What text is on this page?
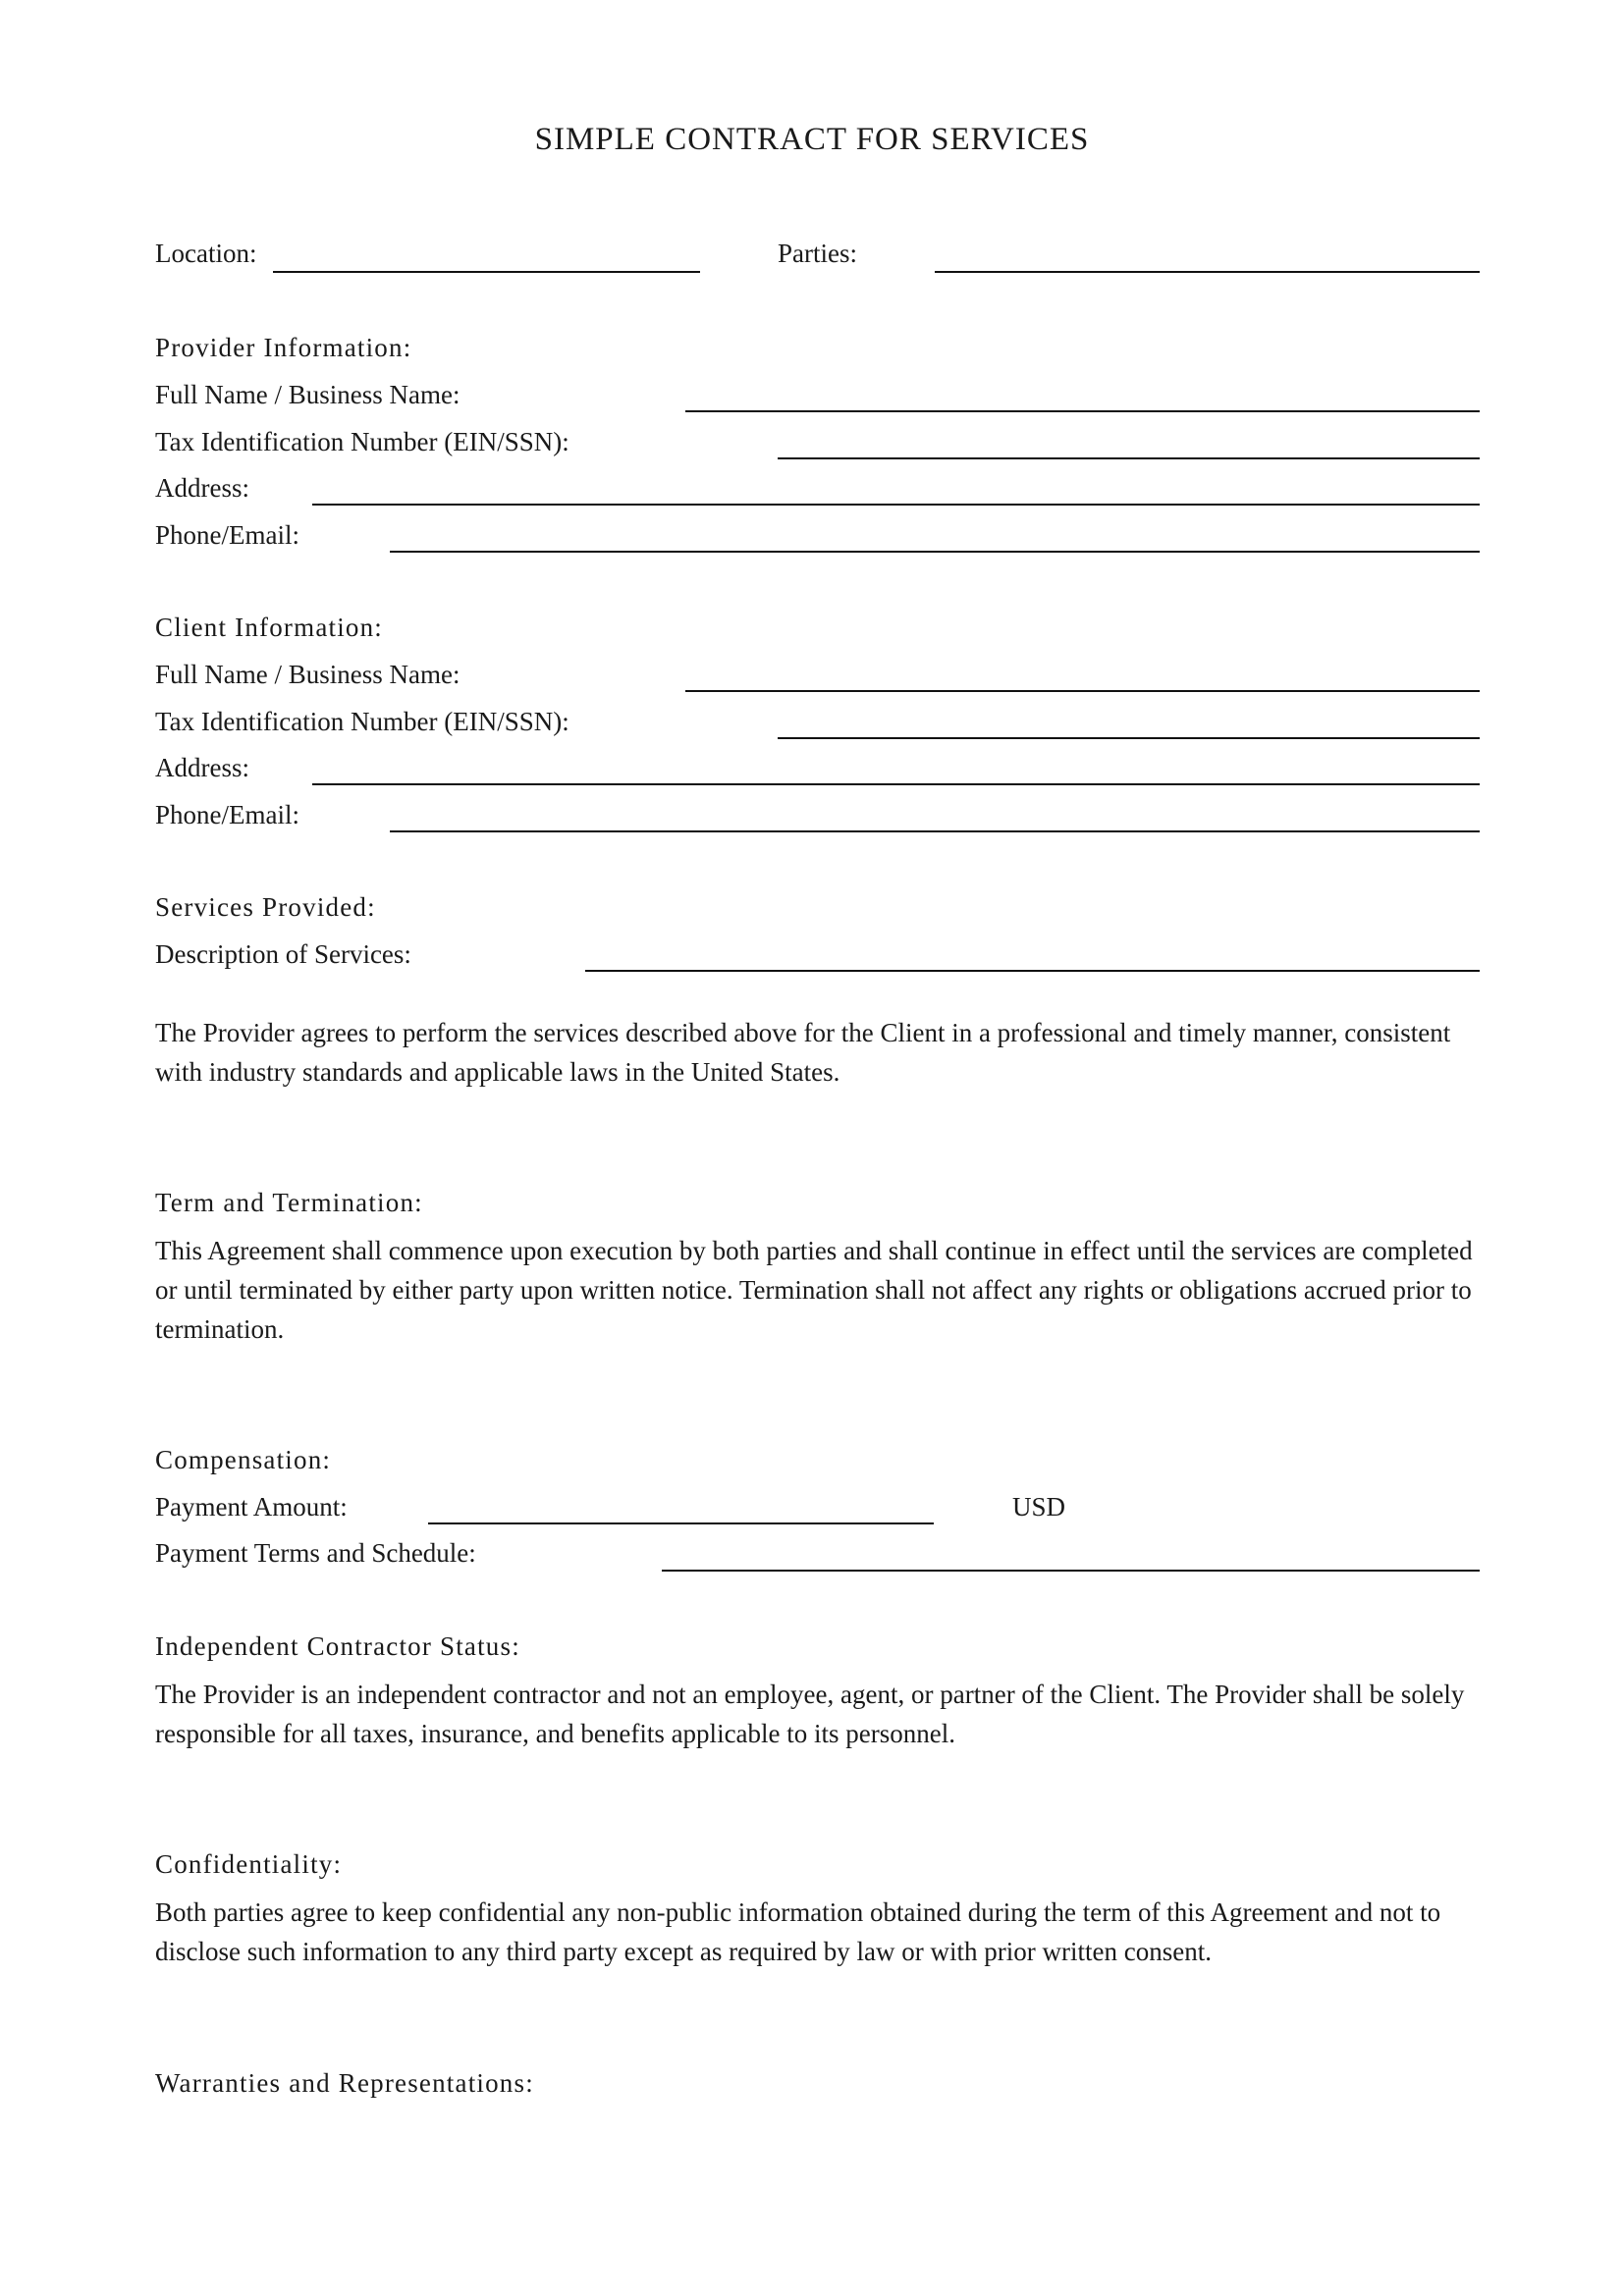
SIMPLE CONTRACT FOR SERVICES
Location:	Parties:
Provider Information:
Full Name / Business Name:
Tax Identification Number (EIN/SSN):
Address:
Phone/Email:
Client Information:
Full Name / Business Name:
Tax Identification Number (EIN/SSN):
Address:
Phone/Email:
Services Provided:
Description of Services:
The Provider agrees to perform the services described above for the Client in a professional and timely manner, consistent with industry standards and applicable laws in the United States.
Term and Termination:
This Agreement shall commence upon execution by both parties and shall continue in effect until the services are completed or until terminated by either party upon written notice. Termination shall not affect any rights or obligations accrued prior to termination.
Compensation:
Payment Amount:	USD
Payment Terms and Schedule:
Independent Contractor Status:
The Provider is an independent contractor and not an employee, agent, or partner of the Client. The Provider shall be solely responsible for all taxes, insurance, and benefits applicable to its personnel.
Confidentiality:
Both parties agree to keep confidential any non-public information obtained during the term of this Agreement and not to disclose such information to any third party except as required by law or with prior written consent.
Warranties and Representations:
